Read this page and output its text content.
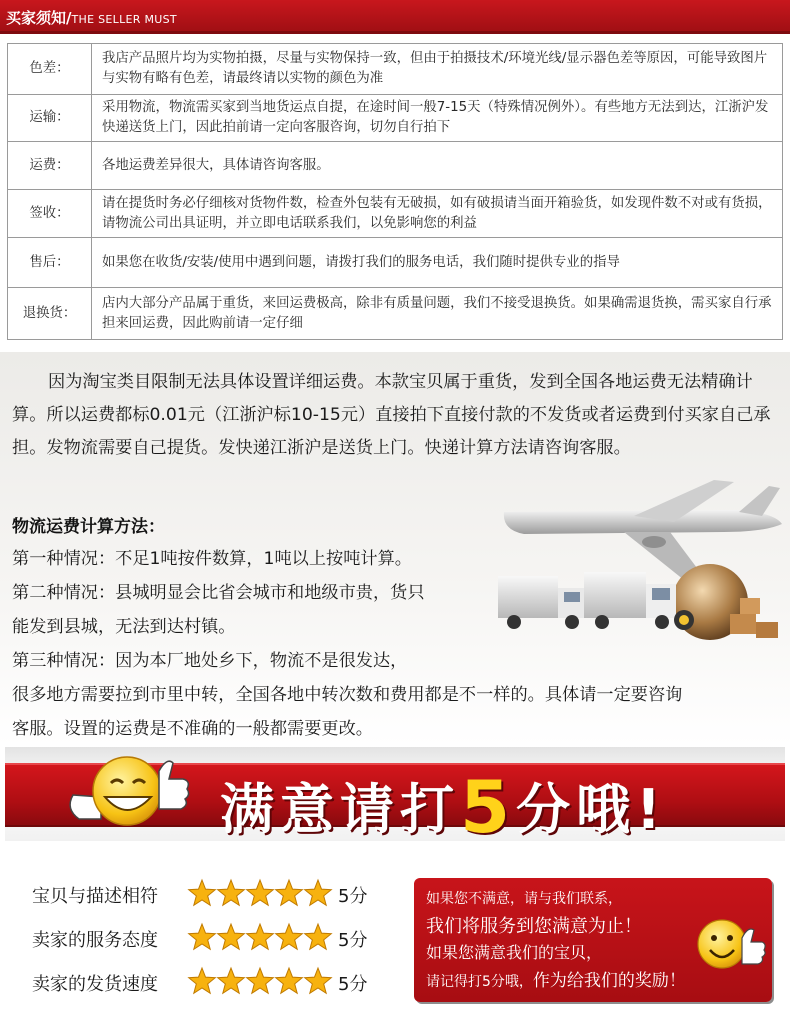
买家须知/THE SELLER MUST
色差：	我店产品照片均为实物拍摄，尽量与实物保持一致，但由于拍摄技术/环境光线/显示器色差等原因，可能导致图片与实物有略有色差，请最终请以实物的颜色为准
运输：	采用物流，物流需买家到当地货运点自提，在途时间一般7-15天（特殊情况例外）。有些地方无法到达，江浙沪发快递送货上门，因此拍前请一定向客服咨询，切勿自行拍下
运费：	各地运费差异很大，具体请咨询客服。
签收：	请在提货时务必仔细核对货物件数，检查外包装有无破损，如有破损请当面开箱验货，如发现件数不对或有货损，请物流公司出具证明，并立即电话联系我们，以免影响您的利益
售后：	如果您在收货/安装/使用中遇到问题，请拨打我们的服务电话，我们随时提供专业的指导
退换货：	店内大部分产品属于重货，来回运费极高，除非有质量问题，我们不接受退换货。如果确需退货换，需买家自行承担来回运费，因此购前请一定仔细

因为淘宝类目限制无法具体设置详细运费。本款宝贝属于重货，发到全国各地运费无法精确计算。所以运费都标0.01元（江浙沪标10-15元）直接拍下直接付款的不发货或者运费到付买家自己承担。发物流需要自己提货。发快递江浙沪是送货上门。快递计算方法请咨询客服。

物流运费计算方法：
第一种情况：不足1吨按件数算，1吨以上按吨计算。
第二种情况：县城明显会比省会城市和地级市贵，货只
能发到县城，无法到达村镇。
第三种情况：因为本厂地处乡下，物流不是很发达，
很多地方需要拉到市里中转，全国各地中转次数和费用都是不一样的。具体请一定要咨询
客服。设置的运费是不准确的一般都需要更改。
满意请打5分哦!
宝贝与描述相符	5分
卖家的服务态度	5分
卖家的发货速度	5分
如果您不满意，请与我们联系，
我们将服务到您满意为止！
如果您满意我们的宝贝，
请记得打5分哦，作为给我们的奖励！
